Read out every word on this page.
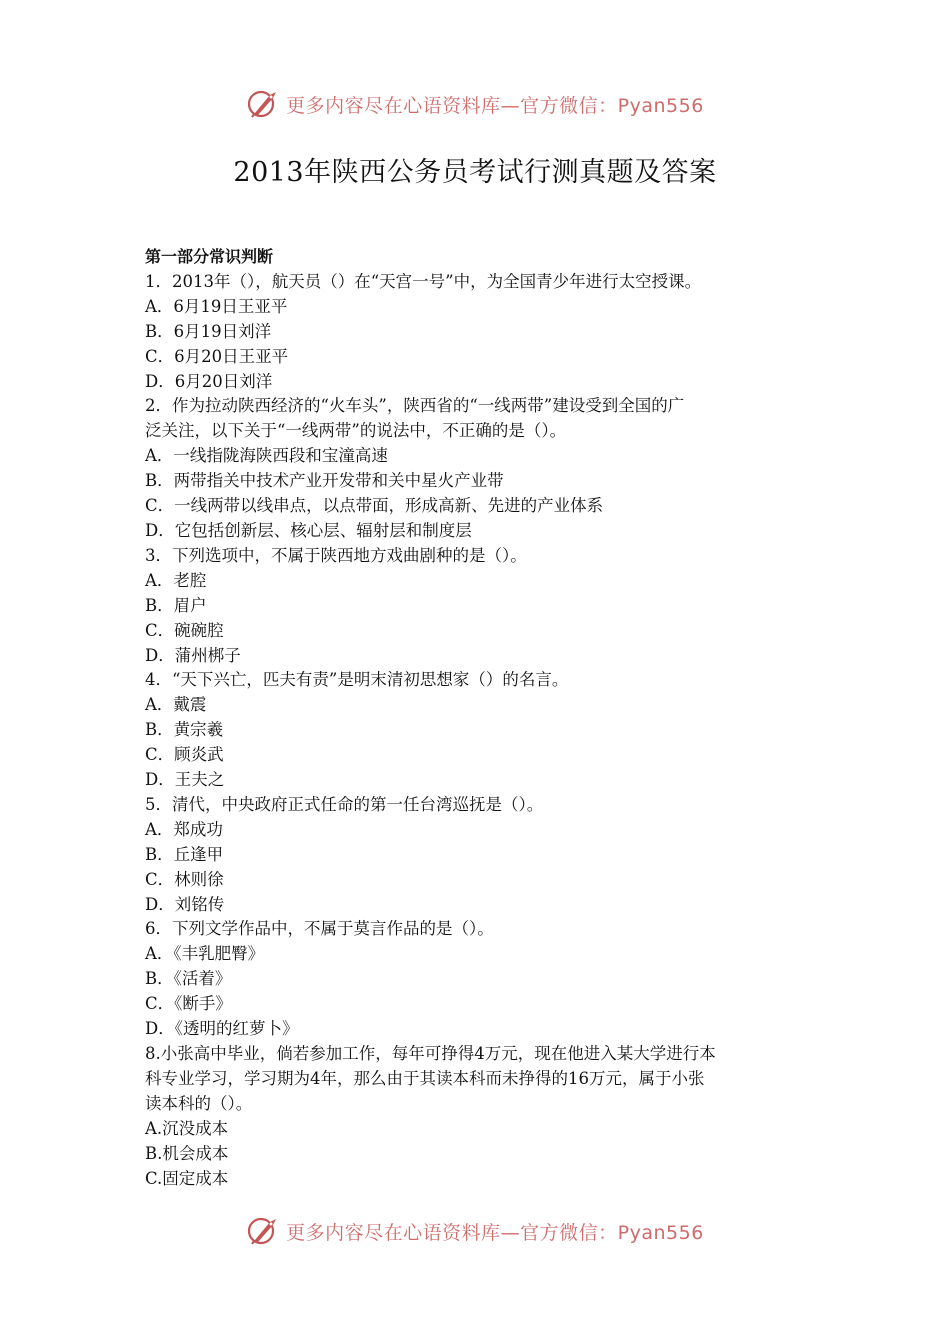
更多内容尽在心语资料库—官方微信：Pyan556
2013年陕西公务员考试行测真题及答案

第一部分常识判断

1．2013年（），航天员（）在“天宫一号”中，为全国青少年进行太空授课。

A．6月19日王亚平

B．6月19日刘洋

C．6月20日王亚平

D．6月20日刘洋

2．作为拉动陕西经济的“火车头”，陕西省的“一线两带”建设受到全国的广

泛关注，以下关于“一线两带”的说法中，不正确的是（）。

A．一线指陇海陕西段和宝潼高速

B．两带指关中技术产业开发带和关中星火产业带

C．一线两带以线串点，以点带面，形成高新、先进的产业体系

D．它包括创新层、核心层、辐射层和制度层

3．下列选项中，不属于陕西地方戏曲剧种的是（）。

A．老腔

B．眉户

C．碗碗腔

D．蒲州梆子

4．“天下兴亡，匹夫有责”是明末清初思想家（）的名言。

A．戴震

B．黄宗羲

C．顾炎武

D．王夫之

5．清代，中央政府正式任命的第一任台湾巡抚是（）。

A．郑成功

B．丘逢甲

C．林则徐

D．刘铭传

6．下列文学作品中，不属于莫言作品的是（）。

A．《丰乳肥臀》

B．《活着》

C．《断手》

D．《透明的红萝卜》

8.小张高中毕业，倘若参加工作，每年可挣得4万元，现在他进入某大学进行本

科专业学习，学习期为4年，那么由于其读本科而未挣得的16万元，属于小张

读本科的（）。

A.沉没成本

B.机会成本

C.固定成本

更多内容尽在心语资料库—官方微信：Pyan556
